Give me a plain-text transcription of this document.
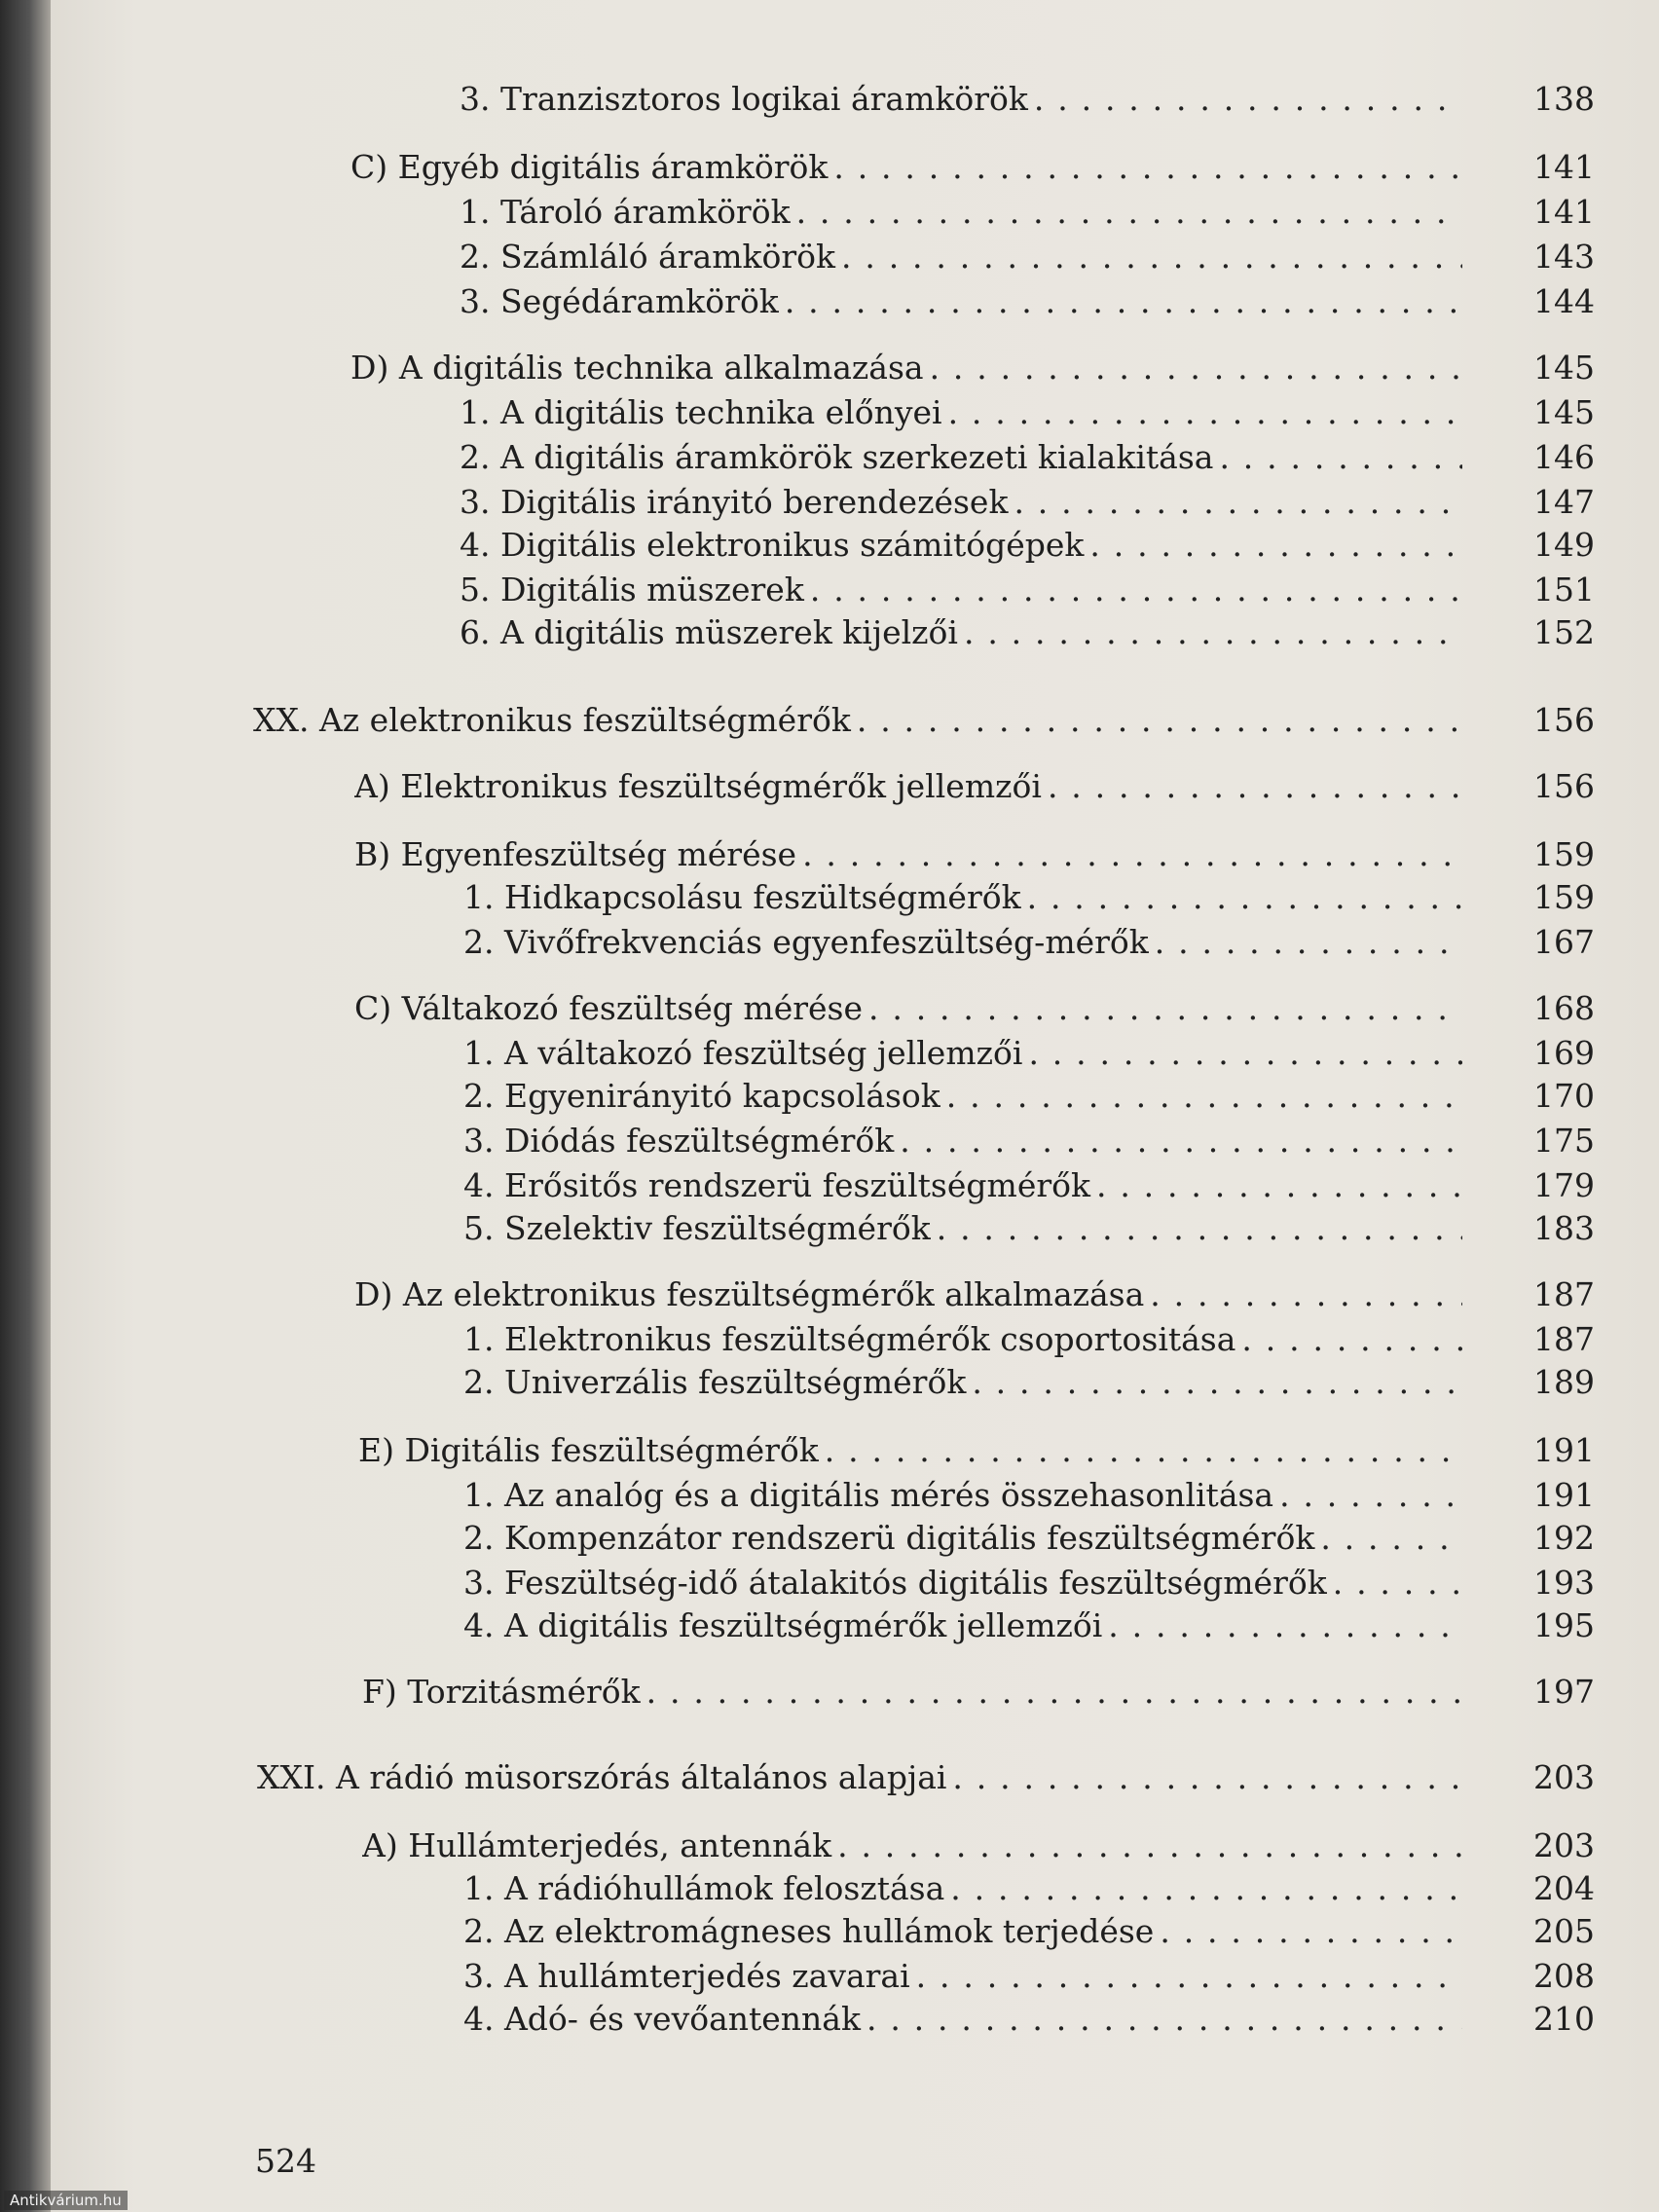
3. Tranzisztoros logikai áramkörök .....	138
C) Egyéb digitális áramkörök .....	141
1. Tároló áramkörök .....	141
2. Számláló áramkörök .....	143
3. Segédáramkörök .....	144
D) A digitális technika alkalmazása .....	145
1. A digitális technika előnyei .....	145
2. A digitális áramkörök szerkezeti kialakitása .....	146
3. Digitális irányitó berendezések .....	147
4. Digitális elektronikus számitógépek .....	149
5. Digitális müszerek .....	151
6. A digitális müszerek kijelzői .....	152
XX. Az elektronikus feszültségmérők .....	156
A) Elektronikus feszültségmérők jellemzői .....	156
B) Egyenfeszültség mérése .....	159
1. Hidkapcsolásu feszültségmérők .....	159
2. Vivőfrekvenciás egyenfeszültség-mérők .....	167
C) Váltakozó feszültség mérése .....	168
1. A váltakozó feszültség jellemzői .....	169
2. Egyenirányitó kapcsolások .....	170
3. Diódás feszültségmérők .....	175
4. Erősitős rendszerü feszültségmérők .....	179
5. Szelektiv feszültségmérők .....	183
D) Az elektronikus feszültségmérők alkalmazása .....	187
1. Elektronikus feszültségmérők csoportositása .....	187
2. Univerzális feszültségmérők .....	189
E) Digitális feszültségmérők .....	191
1. Az analóg és a digitális mérés összehasonlitása .....	191
2. Kompenzátor rendszerü digitális feszültségmérők .....	192
3. Feszültség-idő átalakitós digitális feszültségmérők .....	193
4. A digitális feszültségmérők jellemzői .....	195
F) Torzitásmérők .....	197
XXI. A rádió müsorszórás általános alapjai .....	203
A) Hullámterjedés, antennák .....	203
1. A rádióhullámok felosztása .....	204
2. Az elektromágneses hullámok terjedése .....	205
3. A hullámterjedés zavarai .....	208
4. Adó- és vevőantennák .....	210
524
Antikvárium.hu
